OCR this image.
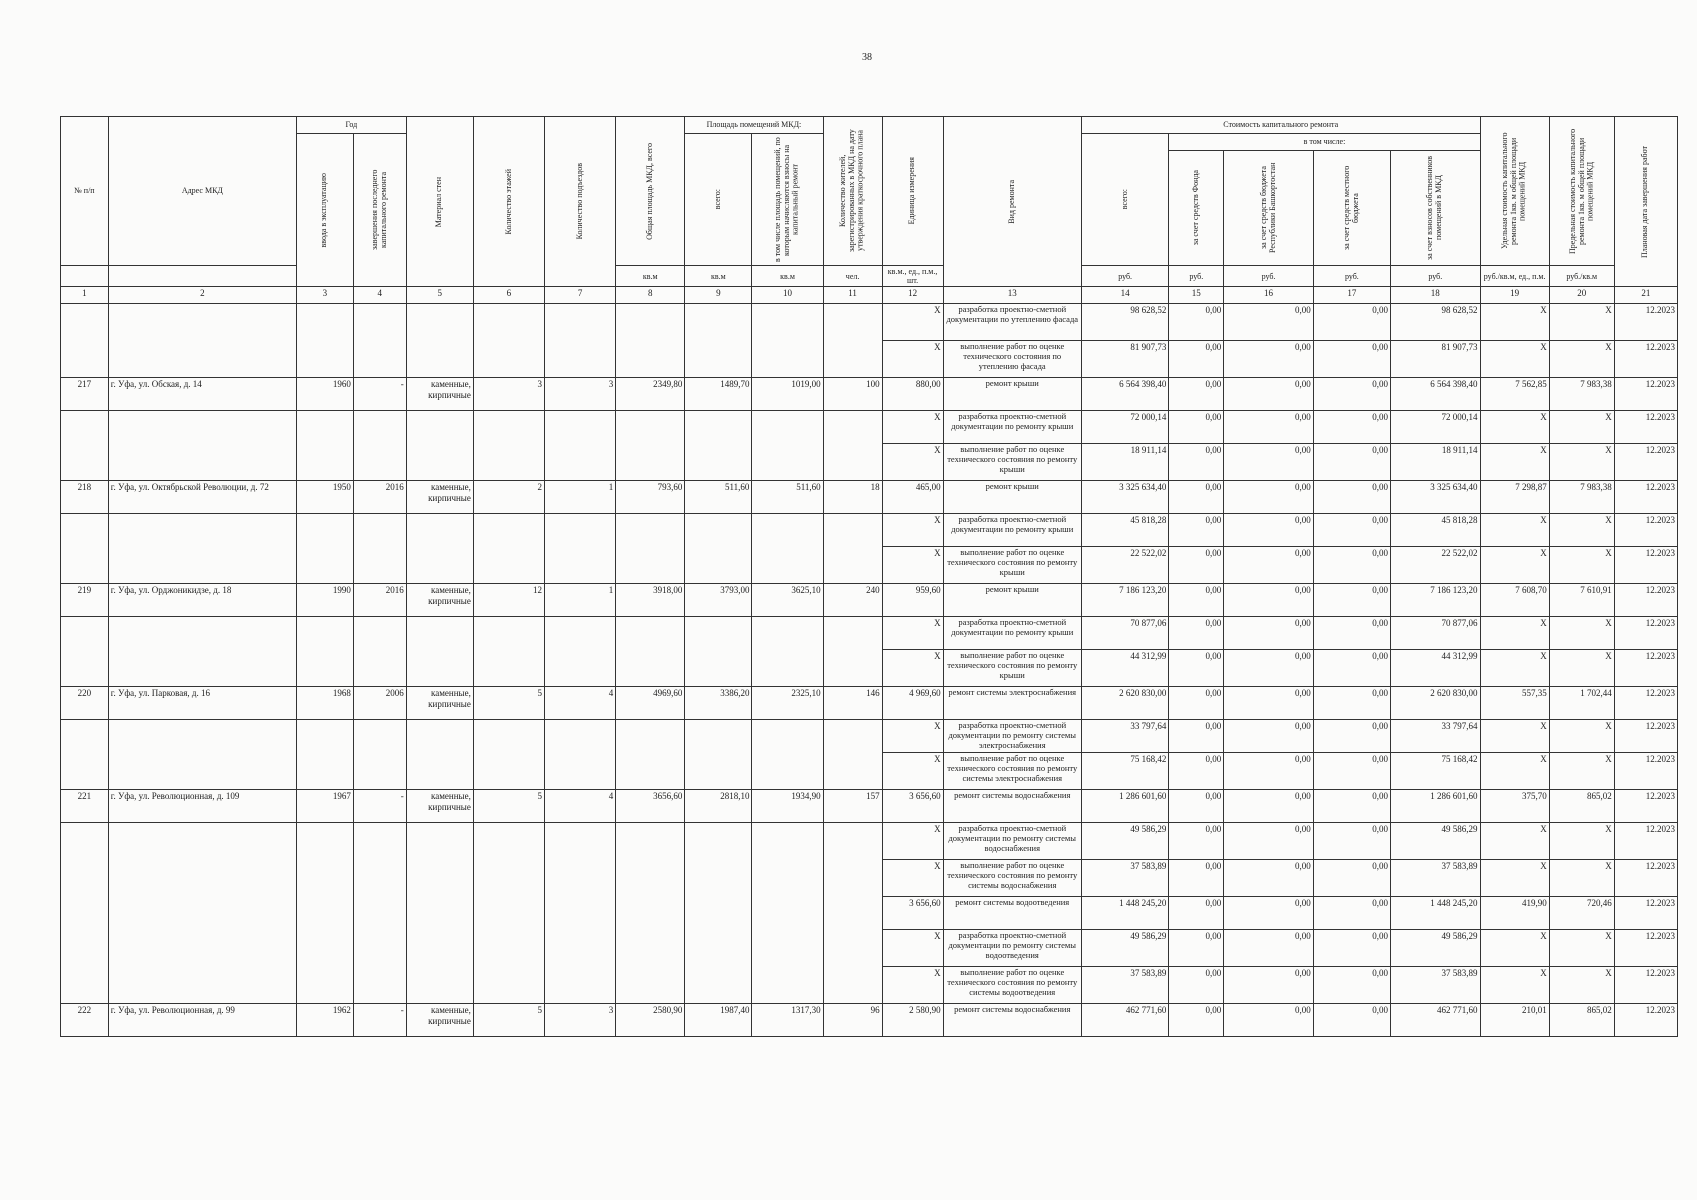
38
№ п/п	Адрес МКД	Год		Материал стен	Количество этажей	Количество подъездов	Общая площадь МКД, всего	Площадь помещений МКД:		Количество жителей, зарегистрированных в МКД на дату утверждения краткосрочного плана	Единица измерения	Вид ремонта	Стоимость капитального ремонта					Удельная стоимость капитального ремонта 1кв. м общей площади помещений МКД	Предельная стоимость капитального ремонта 1кв. м общей площади помещений МКД	Плановая дата завершения работ

		ввода в эксплуатацию	завершения последнего капитального ремонта					всего:	в том числе площадь помещений, по которым начисляются взносы на капитальный ремонт				всего:	в том числе:						

														за счет средств Фонда	за счет средств бюджета Республики Башкортостан	за счет средств местного бюджета	за счет взносов собственников помещений в МКД			

							кв.м	кв.м	кв.м	чел.	кв.м., ед., п.м., шт.		руб.	руб.	руб.	руб.	руб.	руб./кв.м, ед., п.м.	руб./кв.м	
1	2	3	4	5	6	7	8	9	10	11	12	13	14	15	16	17	18	19	20	21
											X	разработка проектно-сметной документации по утеплению фасада	98 628,52	0,00	0,00	0,00	98 628,52	X	X	12.2023
											X	выполнение работ по оценке технического состояния по утеплению фасада	81 907,73	0,00	0,00	0,00	81 907,73	X	X	12.2023
217	г. Уфа, ул. Обская, д. 14	1960	-	каменные, кирпичные	3	3	2349,80	1489,70	1019,00	100	880,00	ремонт крыши	6 564 398,40	0,00	0,00	0,00	6 564 398,40	7 562,85	7 983,38	12.2023
											X	разработка проектно-сметной документации по ремонту крыши	72 000,14	0,00	0,00	0,00	72 000,14	X	X	12.2023
											X	выполнение работ по оценке технического состояния по ремонту крыши	18 911,14	0,00	0,00	0,00	18 911,14	X	X	12.2023
218	г. Уфа, ул. Октябрьской Революции, д. 72	1950	2016	каменные, кирпичные	2	1	793,60	511,60	511,60	18	465,00	ремонт крыши	3 325 634,40	0,00	0,00	0,00	3 325 634,40	7 298,87	7 983,38	12.2023
											X	разработка проектно-сметной документации по ремонту крыши	45 818,28	0,00	0,00	0,00	45 818,28	X	X	12.2023
											X	выполнение работ по оценке технического состояния по ремонту крыши	22 522,02	0,00	0,00	0,00	22 522,02	X	X	12.2023
219	г. Уфа, ул. Орджоникидзе, д. 18	1990	2016	каменные, кирпичные	12	1	3918,00	3793,00	3625,10	240	959,60	ремонт крыши	7 186 123,20	0,00	0,00	0,00	7 186 123,20	7 608,70	7 610,91	12.2023
											X	разработка проектно-сметной документации по ремонту крыши	70 877,06	0,00	0,00	0,00	70 877,06	X	X	12.2023
											X	выполнение работ по оценке технического состояния по ремонту крыши	44 312,99	0,00	0,00	0,00	44 312,99	X	X	12.2023
220	г. Уфа, ул. Парковая, д. 16	1968	2006	каменные, кирпичные	5	4	4969,60	3386,20	2325,10	146	4 969,60	ремонт системы электроснабжения	2 620 830,00	0,00	0,00	0,00	2 620 830,00	557,35	1 702,44	12.2023
											X	разработка проектно-сметной документации по ремонту системы электроснабжения	33 797,64	0,00	0,00	0,00	33 797,64	X	X	12.2023
											X	выполнение работ по оценке технического состояния по ремонту системы электроснабжения	75 168,42	0,00	0,00	0,00	75 168,42	X	X	12.2023
221	г. Уфа, ул. Революционная, д. 109	1967	-	каменные, кирпичные	5	4	3656,60	2818,10	1934,90	157	3 656,60	ремонт системы водоснабжения	1 286 601,60	0,00	0,00	0,00	1 286 601,60	375,70	865,02	12.2023
											X	разработка проектно-сметной документации по ремонту системы водоснабжения	49 586,29	0,00	0,00	0,00	49 586,29	X	X	12.2023
											X	выполнение работ по оценке технического состояния по ремонту системы водоснабжения	37 583,89	0,00	0,00	0,00	37 583,89	X	X	12.2023
											3 656,60	ремонт системы водоотведения	1 448 245,20	0,00	0,00	0,00	1 448 245,20	419,90	720,46	12.2023
											X	разработка проектно-сметной документации по ремонту системы водоотведения	49 586,29	0,00	0,00	0,00	49 586,29	X	X	12.2023
											X	выполнение работ по оценке технического состояния по ремонту системы водоотведения	37 583,89	0,00	0,00	0,00	37 583,89	X	X	12.2023
222	г. Уфа, ул. Революционная, д. 99	1962	-	каменные, кирпичные	5	3	2580,90	1987,40	1317,30	96	2 580,90	ремонт системы водоснабжения	462 771,60	0,00	0,00	0,00	462 771,60	210,01	865,02	12.2023
